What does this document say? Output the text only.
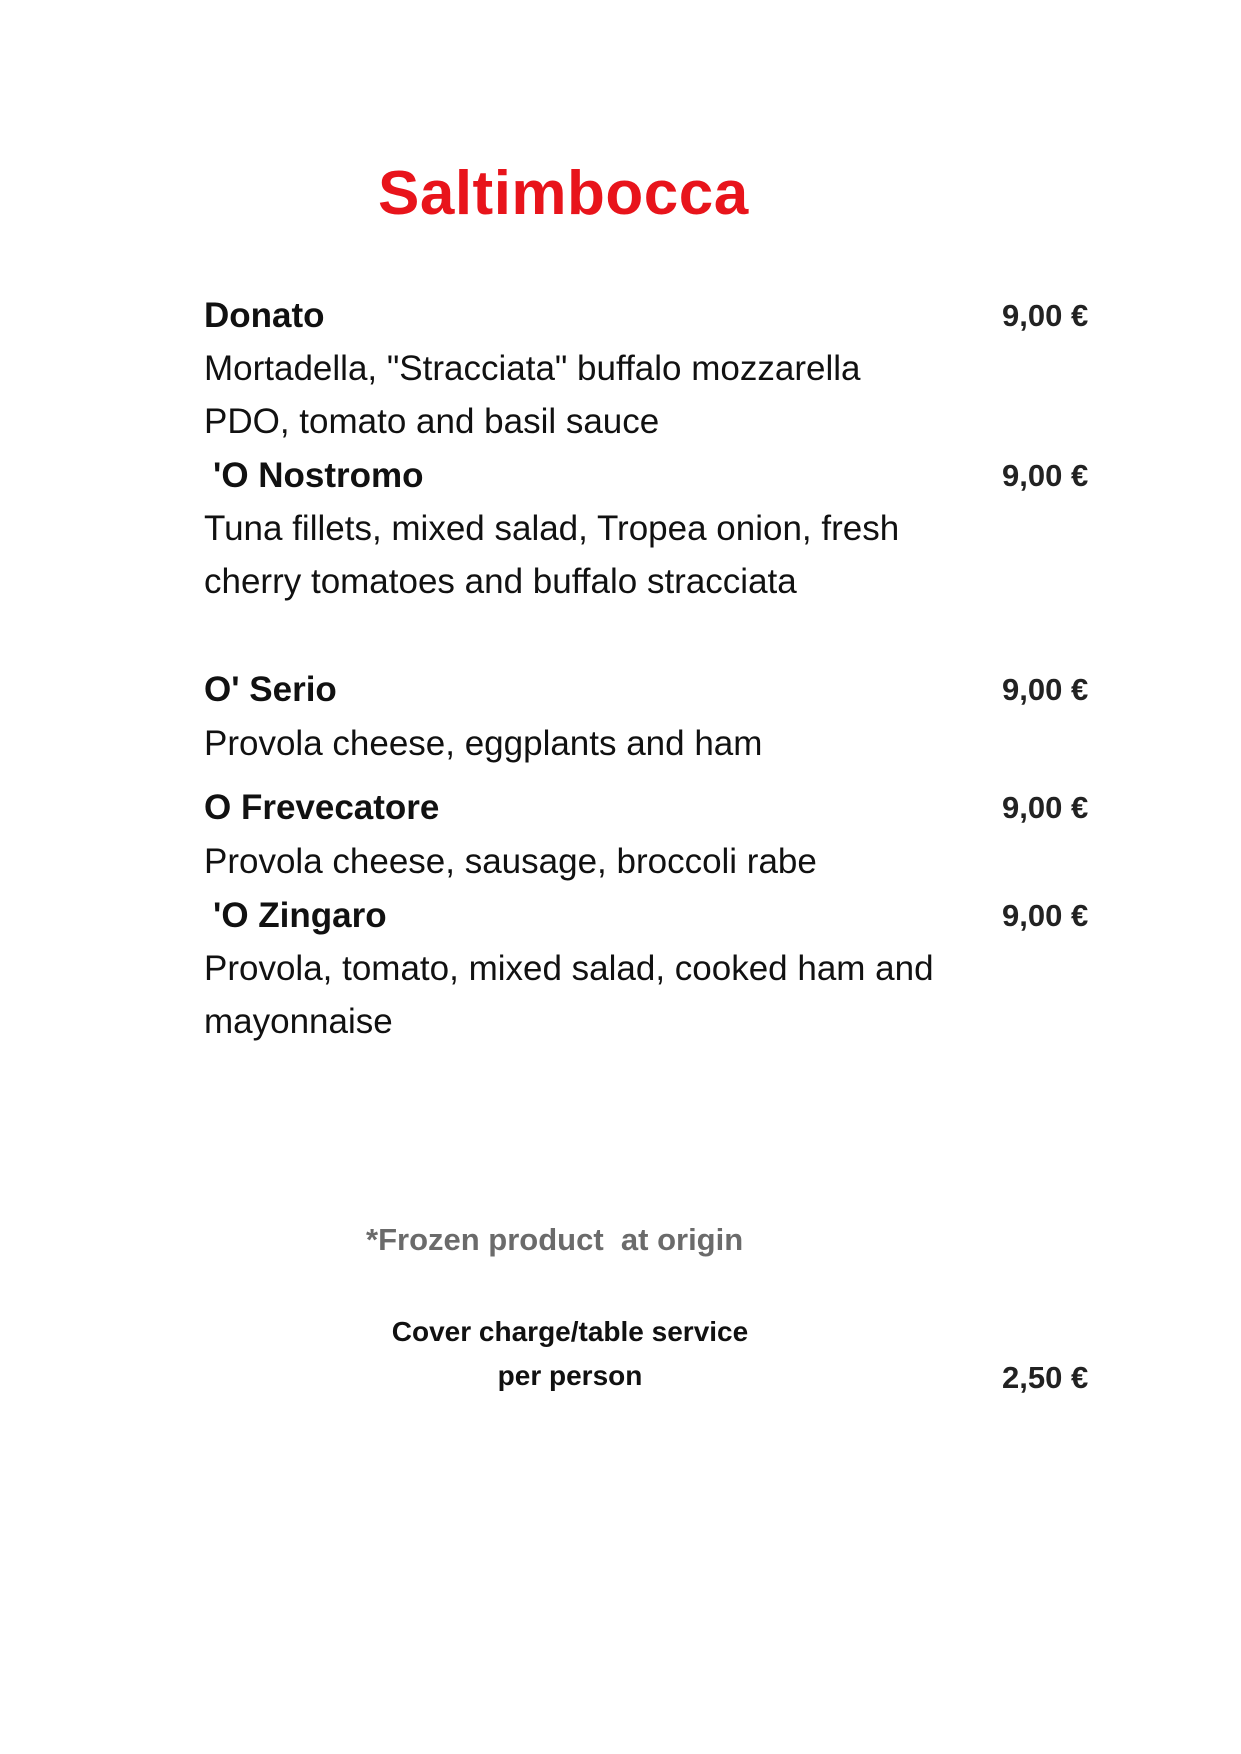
Saltimbocca
Donato	9,00 €
Mortadella, "Stracciata" buffalo mozzarella PDO, tomato and basil sauce
'O Nostromo	9,00 €
Tuna fillets, mixed salad, Tropea onion, fresh cherry tomatoes and buffalo stracciata
O' Serio	9,00 €
Provola cheese, eggplants and ham
O Frevecatore	9,00 €
Provola cheese, sausage, broccoli rabe
'O Zingaro	9,00 €
Provola, tomato, mixed salad, cooked ham and mayonnaise
*Frozen product  at origin
Cover charge/table service
per person	2,50 €
